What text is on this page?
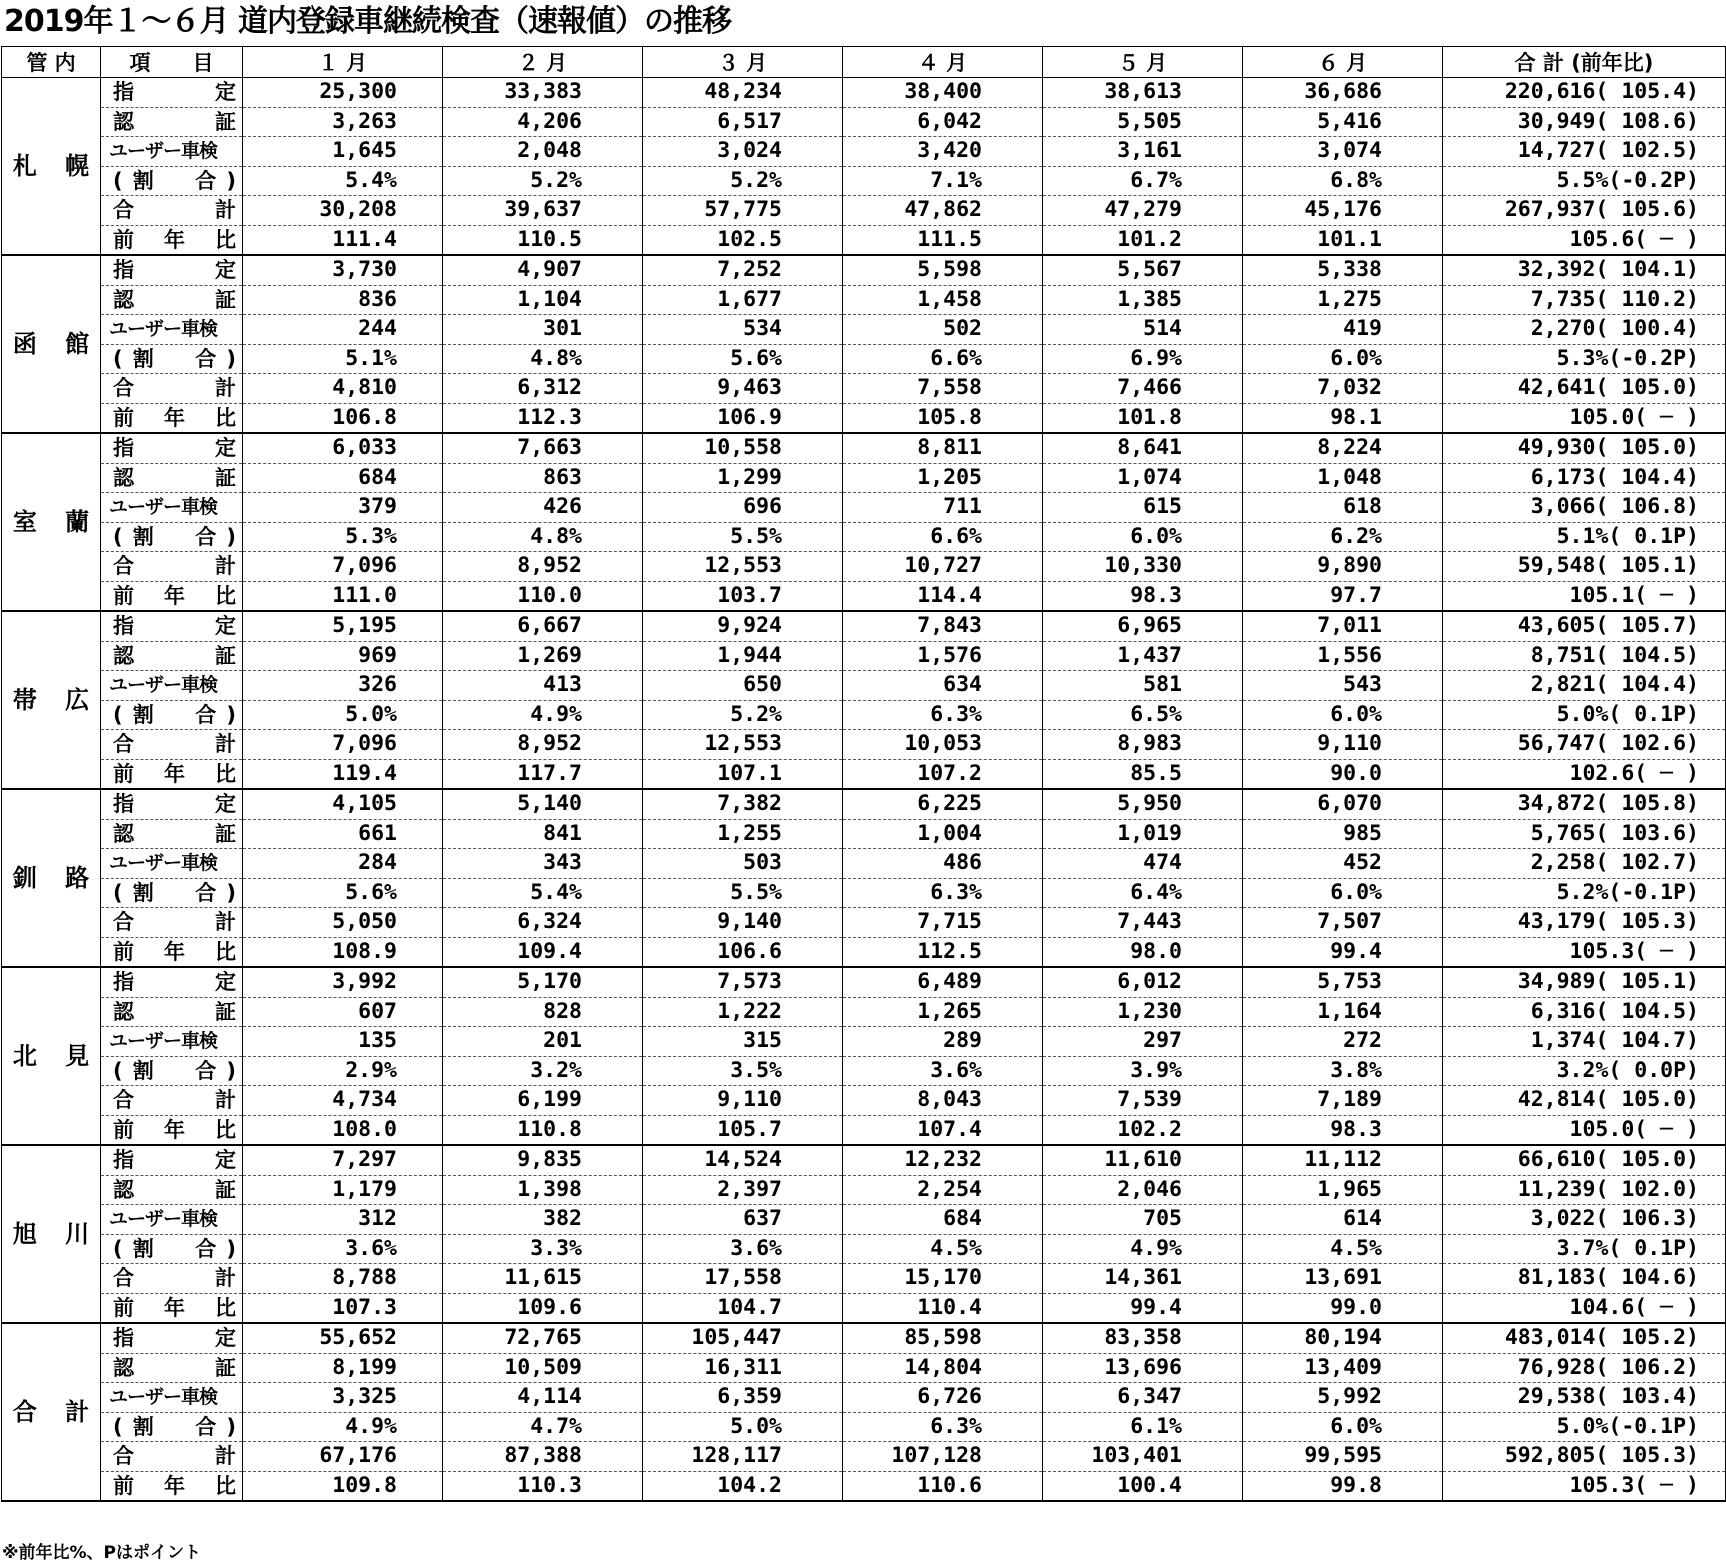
2019年１～６月 道内登録車継続検査（速報値）の推移
管 内	項　　目	１ 月	２ 月	３ 月	４ 月	５ 月	６ 月	合 計 (前年比)
札 幌	指　定	25,300	33,383	48,234	38,400	38,613	36,686	220,616( 105.4)
	認　証	3,263	4,206	6,517	6,042	5,505	5,416	30,949( 108.6)
	ユーザー車検	1,645	2,048	3,024	3,420	3,161	3,074	14,727( 102.5)
	(割　合)	5.4%	5.2%	5.2%	7.1%	6.7%	6.8%	5.5%(-0.2P)
	合　計	30,208	39,637	57,775	47,862	47,279	45,176	267,937( 105.6)
	前 年 比	111.4	110.5	102.5	111.5	101.2	101.1	105.6( ─ )
函 館	指　定	3,730	4,907	7,252	5,598	5,567	5,338	32,392( 104.1)
	認　証	836	1,104	1,677	1,458	1,385	1,275	7,735( 110.2)
	ユーザー車検	244	301	534	502	514	419	2,270( 100.4)
	(割　合)	5.1%	4.8%	5.6%	6.6%	6.9%	6.0%	5.3%(-0.2P)
	合　計	4,810	6,312	9,463	7,558	7,466	7,032	42,641( 105.0)
	前 年 比	106.8	112.3	106.9	105.8	101.8	98.1	105.0( ─ )
室 蘭	指　定	6,033	7,663	10,558	8,811	8,641	8,224	49,930( 105.0)
	認　証	684	863	1,299	1,205	1,074	1,048	6,173( 104.4)
	ユーザー車検	379	426	696	711	615	618	3,066( 106.8)
	(割　合)	5.3%	4.8%	5.5%	6.6%	6.0%	6.2%	5.1%( 0.1P)
	合　計	7,096	8,952	12,553	10,727	10,330	9,890	59,548( 105.1)
	前 年 比	111.0	110.0	103.7	114.4	98.3	97.7	105.1( ─ )
帯 広	指　定	5,195	6,667	9,924	7,843	6,965	7,011	43,605( 105.7)
	認　証	969	1,269	1,944	1,576	1,437	1,556	8,751( 104.5)
	ユーザー車検	326	413	650	634	581	543	2,821( 104.4)
	(割　合)	5.0%	4.9%	5.2%	6.3%	6.5%	6.0%	5.0%( 0.1P)
	合　計	7,096	8,952	12,553	10,053	8,983	9,110	56,747( 102.6)
	前 年 比	119.4	117.7	107.1	107.2	85.5	90.0	102.6( ─ )
釧 路	指　定	4,105	5,140	7,382	6,225	5,950	6,070	34,872( 105.8)
	認　証	661	841	1,255	1,004	1,019	985	5,765( 103.6)
	ユーザー車検	284	343	503	486	474	452	2,258( 102.7)
	(割　合)	5.6%	5.4%	5.5%	6.3%	6.4%	6.0%	5.2%(-0.1P)
	合　計	5,050	6,324	9,140	7,715	7,443	7,507	43,179( 105.3)
	前 年 比	108.9	109.4	106.6	112.5	98.0	99.4	105.3( ─ )
北 見	指　定	3,992	5,170	7,573	6,489	6,012	5,753	34,989( 105.1)
	認　証	607	828	1,222	1,265	1,230	1,164	6,316( 104.5)
	ユーザー車検	135	201	315	289	297	272	1,374( 104.7)
	(割　合)	2.9%	3.2%	3.5%	3.6%	3.9%	3.8%	3.2%( 0.0P)
	合　計	4,734	6,199	9,110	8,043	7,539	7,189	42,814( 105.0)
	前 年 比	108.0	110.8	105.7	107.4	102.2	98.3	105.0( ─ )
旭 川	指　定	7,297	9,835	14,524	12,232	11,610	11,112	66,610( 105.0)
	認　証	1,179	1,398	2,397	2,254	2,046	1,965	11,239( 102.0)
	ユーザー車検	312	382	637	684	705	614	3,022( 106.3)
	(割　合)	3.6%	3.3%	3.6%	4.5%	4.9%	4.5%	3.7%( 0.1P)
	合　計	8,788	11,615	17,558	15,170	14,361	13,691	81,183( 104.6)
	前 年 比	107.3	109.6	104.7	110.4	99.4	99.0	104.6( ─ )
合 計	指　定	55,652	72,765	105,447	85,598	83,358	80,194	483,014( 105.2)
	認　証	8,199	10,509	16,311	14,804	13,696	13,409	76,928( 106.2)
	ユーザー車検	3,325	4,114	6,359	6,726	6,347	5,992	29,538( 103.4)
	(割　合)	4.9%	4.7%	5.0%	6.3%	6.1%	6.0%	5.0%(-0.1P)
	合　計	67,176	87,388	128,117	107,128	103,401	99,595	592,805( 105.3)
	前 年 比	109.8	110.3	104.2	110.6	100.4	99.8	105.3( ─ )
※前年比%、Pはポイント
